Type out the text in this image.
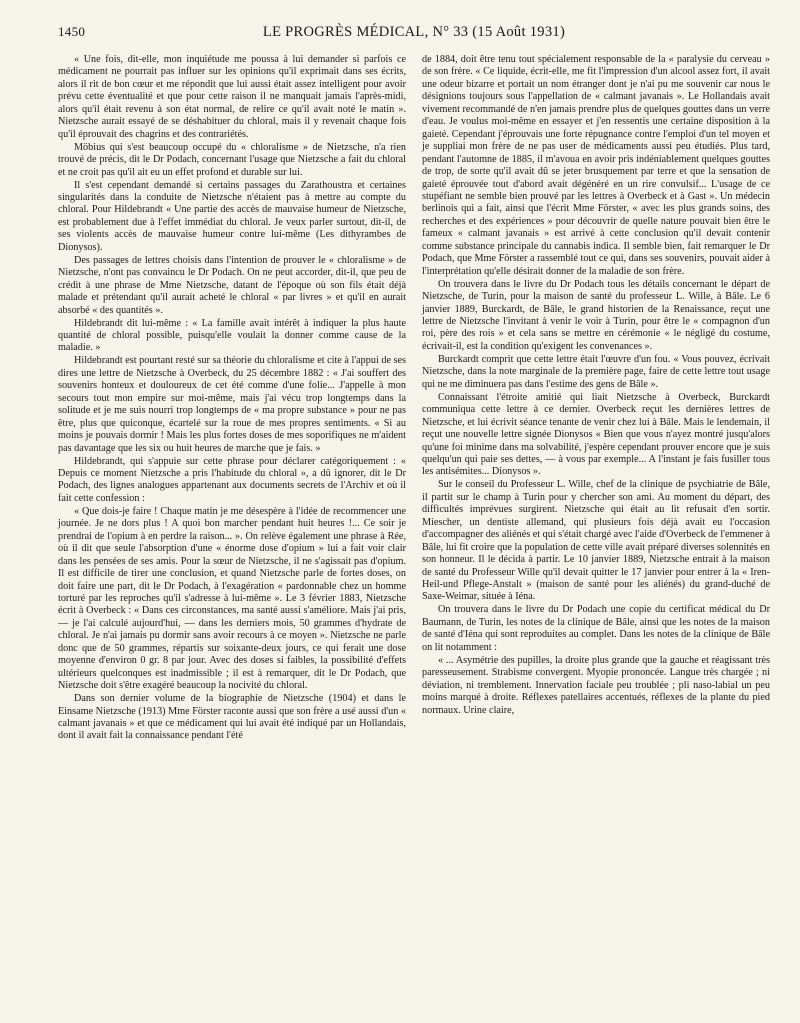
1450	LE PROGRÈS MÉDICAL, N° 33 (15 Août 1931)

« Une fois, dit-elle, mon inquiétude me poussa à lui demander si parfois ce médicament ne pourrait pas influer sur les opinions qu'il exprimait dans ses écrits, alors il rit de bon cœur et me répondit que lui aussi était assez intelligent pour avoir prévu cette éventualité et que pour cette raison il ne manquait jamais l'après-midi, alors qu'il était revenu à son état normal, de relire ce qu'il avait noté le matin ». Nietzsche aurait essayé de se déshabituer du chloral, mais il y revenait chaque fois qu'il éprouvait des chagrins et des contrariétés.

Möbius qui s'est beaucoup occupé du « chloralisme » de Nietzsche, n'a rien trouvé de précis, dit le Dr Podach, concernant l'usage que Nietzsche a fait du chloral et ne croit pas qu'il ait eu un effet profond et durable sur lui.

Il s'est cependant demandé si certains passages du Zarathoustra et certaines singularités dans la conduite de Nietzsche n'étaient pas à mettre au compte du chloral. Pour Hildebrandt « Une partie des accès de mauvaise humeur de Nietzsche, est probablement due à l'effet immédiat du chloral. Je veux parler surtout, dit-il, de ses violents accès de mauvaise humeur contre lui-même (Les dithyrambes de Dionysos).

Des passages de lettres choisis dans l'intention de prouver le « chloralisme » de Nietzsche, n'ont pas convaincu le Dr Podach. On ne peut accorder, dit-il, que peu de crédit à une phrase de Mme Nietzsche, datant de l'époque où son fils était déjà malade et prétendant qu'il aurait acheté le chloral « par livres » et qu'il en aurait absorbé « des quantités ».

Hildebrandt dit lui-même : « La famille avait intérêt à indiquer la plus haute quantité de chloral possible, puisqu'elle voulait la donner comme cause de la maladie. »

Hildebrandt est pourtant resté sur sa théorie du chloralisme et cite à l'appui de ses dires une lettre de Nietzsche à Overbeck, du 25 décembre 1882 : « J'ai souffert des souvenirs honteux et douloureux de cet été comme d'une folie... J'appelle à mon secours tout mon empire sur moi-même, mais j'ai vécu trop longtemps dans la solitude et je me suis nourri trop longtemps de « ma propre substance » pour ne pas être, plus que quiconque, écartelé sur la roue de mes propres sentiments. « Si au moins je pouvais dormir ! Mais les plus fortes doses de mes soporifiques ne m'aident pas davantage que les six ou huit heures de marche que je fais. »

Hildebrandt, qui s'appuie sur cette phrase pour déclarer catégoriquement : « Depuis ce moment Nietzsche a pris l'habitude du chloral », a dû ignorer, dit le Dr Podach, des lignes analogues appartenant aux documents secrets de l'Archiv et où il fait cette confession :

« Que dois-je faire ! Chaque matin je me désespère à l'idée de recommencer une journée. Je ne dors plus ! A quoi bon marcher pendant huit heures !... Ce soir je prendrai de l'opium à en perdre la raison... ». On relève également une phrase à Rée, où il dit que seule l'absorption d'une « énorme dose d'opium » lui a fait voir clair dans les pensées de ses amis. Pour la sœur de Nietzsche, il ne s'agissait pas d'opium. Il est difficile de tirer une conclusion, et quand Nietzsche parle de fortes doses, on doit faire une part, dit le Dr Podach, à l'exagération « pardonnable chez un homme torturé par les reproches qu'il s'adresse à lui-même ». Le 3 février 1883, Nietzsche écrit à Overbeck : « Dans ces circonstances, ma santé aussi s'améliore. Mais j'ai pris, — je l'ai calculé aujourd'hui, — dans les derniers mois, 50 grammes d'hydrate de chloral. Je n'ai jamais pu dormir sans avoir recours à ce moyen ». Nietzsche ne parle donc que de 50 grammes, répartis sur soixante-deux jours, ce qui ferait une dose moyenne d'environ 0 gr. 8 par jour. Avec des doses si faibles, la possibilité d'effets ultérieurs quelconques est inadmissible ; il est à remarquer, dit le Dr Podach, que Nietzsche doit s'être exagéré beaucoup la nocivité du chloral.

Dans son dernier volume de la biographie de Nietzsche (1904) et dans le Einsame Nietzsche (1913) Mme Förster raconte aussi que son frère a usé aussi d'un « calmant javanais » et que ce médicament qui lui avait été indiqué par un Hollandais, dont il avait fait la connaissance pendant l'été

de 1884, doit être tenu tout spécialement responsable de la « paralysie du cerveau » de son frère. « Ce liquide, écrit-elle, me fit l'impression d'un alcool assez fort, il avait une odeur bizarre et portait un nom étranger dont je n'ai pu me souvenir car nous le désignions toujours sous l'appellation de « calmant javanais ». Le Hollandais avait vivement recommandé de n'en jamais prendre plus de quelques gouttes dans un verre d'eau. Je voulus moi-même en essayer et j'en ressentis une certaine disposition à la gaieté. Cependant j'éprouvais une forte répugnance contre l'emploi d'un tel moyen et je suppliai mon frère de ne pas user de médicaments aussi peu étudiés. Plus tard, pendant l'automne de 1885, il m'avoua en avoir pris indéniablement quelques gouttes de trop, de sorte qu'il avait dû se jeter brusquement par terre et que la sensation de gaieté éprouvée tout d'abord avait dégénéré en un rire convulsif... L'usage de ce stupéfiant ne semble bien prouvé par les lettres à Overbeck et à Gast ». Un médecin berlinois qui a fait, ainsi que l'écrit Mme Förster, « avec les plus grands soins, des recherches et des expériences » pour découvrir de quelle nature pouvait bien être le fameux « calmant javanais » est arrivé à cette conclusion qu'il devait contenir comme substance principale du cannabis indica. Il semble bien, fait remarquer le Dr Podach, que Mme Förster a rassemblé tout ce qui, dans ses souvenirs, pouvait aider à l'interprétation qu'elle désirait donner de la maladie de son frère.

On trouvera dans le livre du Dr Podach tous les détails concernant le départ de Nietzsche, de Turin, pour la maison de santé du professeur L. Wille, à Bâle. Le 6 janvier 1889, Burckardt, de Bâle, le grand historien de la Renaissance, reçut une lettre de Nietzsche l'invitant à venir le voir à Turin, pour être le « compagnon d'un roi, père des rois » et cela sans se mettre en cérémonie « le négligé du costume, écrivait-il, est la condition qu'exigent les convenances ».

Burckardt comprit que cette lettre était l'œuvre d'un fou. « Vous pouvez, écrivait Nietzsche, dans la note marginale de la première page, faire de cette lettre tout usage qui ne me diminuera pas dans l'estime des gens de Bâle ».

Connaissant l'étroite amitié qui liait Nietzsche à Overbeck, Burckardt communiqua cette lettre à ce dernier. Overbeck reçut les dernières lettres de Nietzsche, et lui écrivit séance tenante de venir chez lui à Bâle. Mais le lendemain, il reçut une nouvelle lettre signée Dionysos « Bien que vous n'ayez montré jusqu'alors qu'une foi minime dans ma solvabilité, j'espère cependant prouver encore que je suis quelqu'un qui paie ses dettes, — à vous par exemple... A l'instant je fais fusiller tous les antisémites... Dionysos ».

Sur le conseil du Professeur L. Wille, chef de la clinique de psychiatrie de Bâle, il partit sur le champ à Turin pour y chercher son ami. Au moment du départ, des difficultés imprévues surgirent. Nietzsche qui était au lit refusait d'en sortir. Miescher, un dentiste allemand, qui plusieurs fois déjà avait eu l'occasion d'accompagner des aliénés et qui s'était chargé avec l'aide d'Overbeck de l'emmener à Bâle, lui fit croire que la population de cette ville avait préparé diverses solennités en son honneur. Il le décida à partir. Le 10 janvier 1889, Nietzsche entrait à la maison de santé du Professeur Wille qu'il devait quitter le 17 janvier pour entrer à la « Iren-Heil-und Pflege-Anstalt » (maison de santé pour les aliénés) du grand-duché de Saxe-Weimar, située à Iéna.

On trouvera dans le livre du Dr Podach une copie du certificat médical du Dr Baumann, de Turin, les notes de la clinique de Bâle, ainsi que les notes de la maison de santé d'Iéna qui sont reproduites au complet. Dans les notes de la clinique de Bâle on lit notamment :

« ... Asymétrie des pupilles, la droite plus grande que la gauche et réagissant très paresseusement. Strabisme convergent. Myopie prononcée. Langue très chargée ; ni déviation, ni tremblement. Innervation faciale peu troublée ; pli naso-labial un peu moins marqué à droite. Réflexes patellaires accentués, réflexes de la plante du pied normaux. Urine claire,
